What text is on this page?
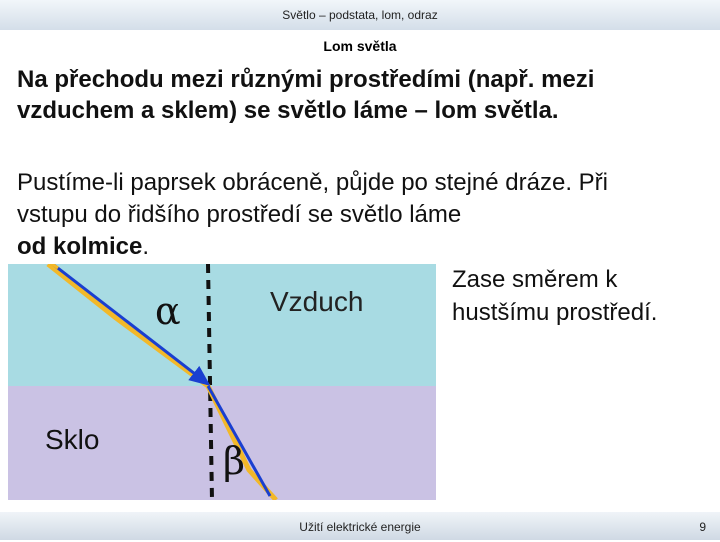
Světlo – podstata, lom, odraz
Lom světla
Na přechodu mezi různými prostředími (např. mezi
vzduchem a sklem) se světlo láme – lom světla.
Pustíme-li paprsek obráceně, půjde po stejné dráze. Při
vstupu do řidšího prostředí se světlo láme
od kolmice.
α
β
Vzduch
Sklo
Zase směrem k
hustšímu prostředí.
Užití elektrické energie	9
